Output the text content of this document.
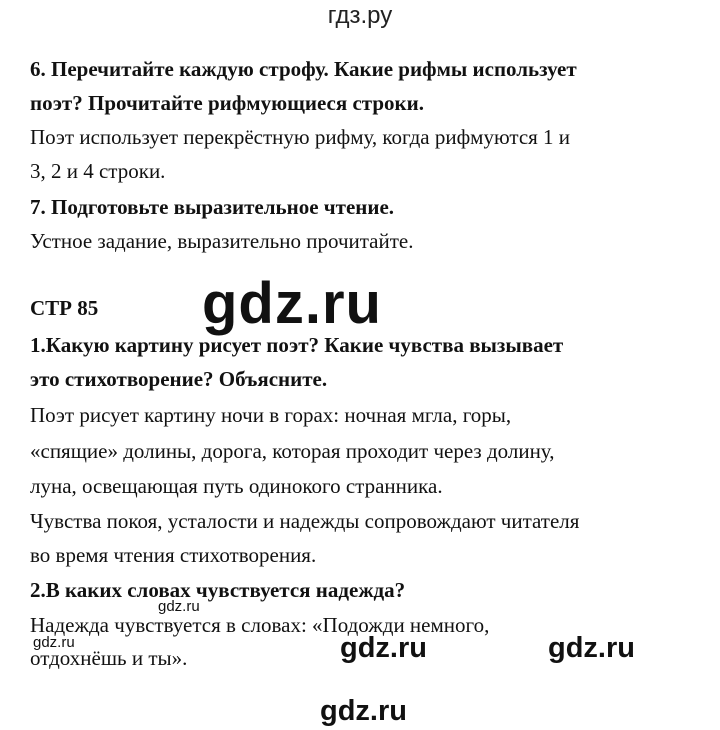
гдз.ру
6. Перечитайте каждую строфу. Какие рифмы использует
поэт? Прочитайте рифмующиеся строки.
Поэт использует перекрёстную рифму, когда рифмуются 1 и
3, 2 и 4 строки.
7. Подготовьте выразительное чтение.
Устное задание, выразительно прочитайте.
СТР 85 gdz.ru
1.Какую картину рисует поэт? Какие чувства вызывает
это стихотворение? Объясните.
Поэт рисует картину ночи в горах: ночная мгла, горы,
«спящие» долины, дорога, которая проходит через долину,
луна, освещающая путь одинокого странника.
Чувства покоя, усталости и надежды сопровождают читателя
во время чтения стихотворения.
2.В каких словах чувствуется надежда?
gdz.ru
Надежда чувствуется в словах: «Подожди немного,
gdz.ru
отдохнёшь и ты».	gdz.ru	gdz.ru
gdz.ru
